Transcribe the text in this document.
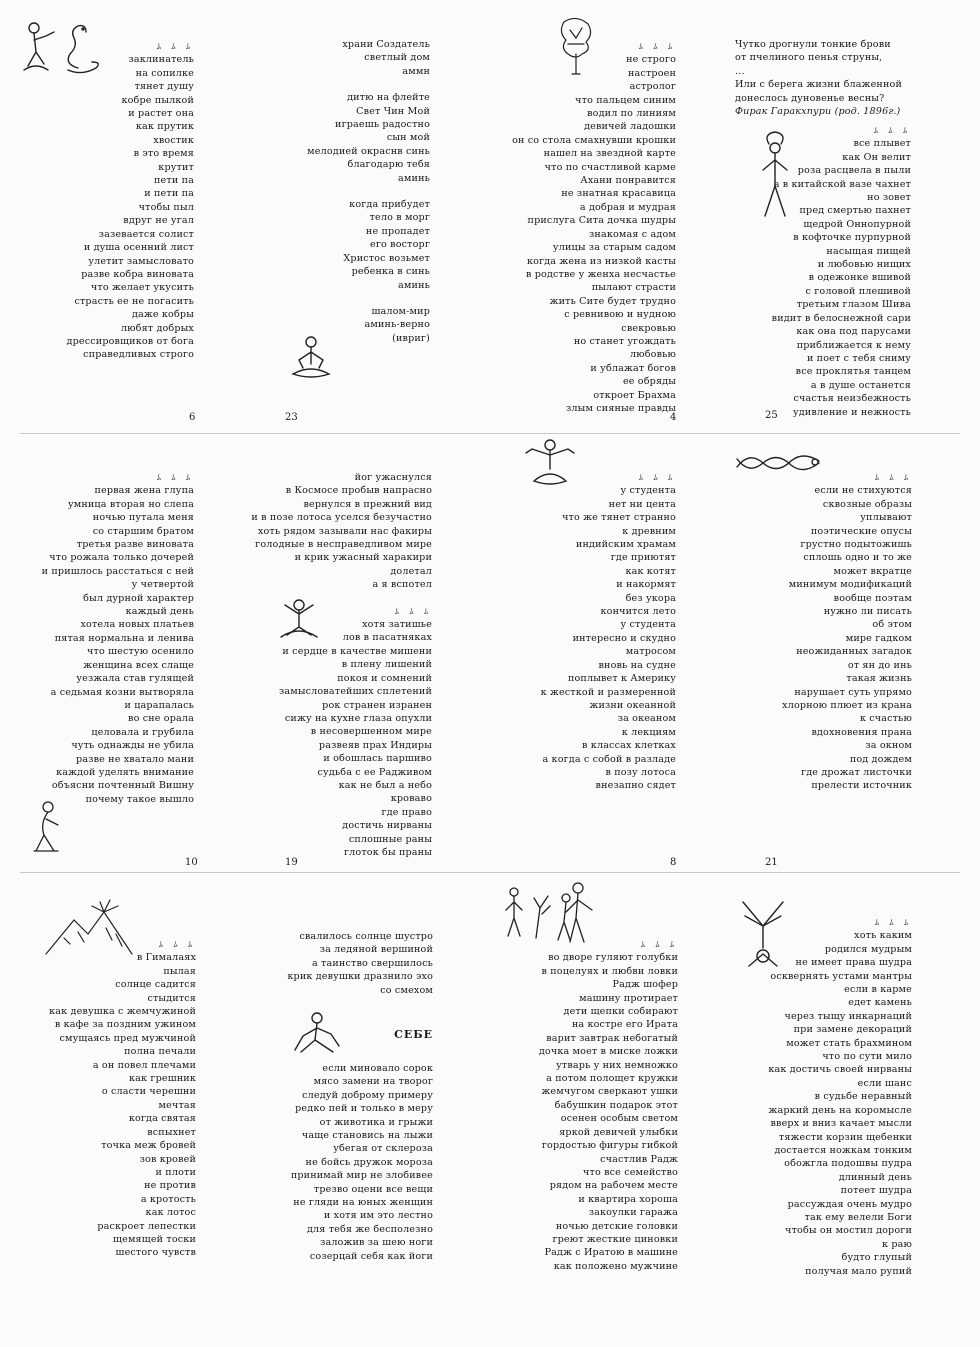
ﾑ ﾑ ﾑ
заклинатель
на сопилке
тянет душу
кобре пылкой
и растет она
как прутик
хвостик
в это время
крутит
пети па
и пети па
чтобы пыл
вдруг не угал
зазевается солист
и душа осенний лист
улетит замысловато
разве кобра виновата
что желает укусить
страсть ее не погасить
даже кобры
любят добрых
дрессировщиков от бога
справедливых строго
6
храни Создатель
светлый дом
аммн
дитю на флейте
Свет Чин Мой
играешь радостно
сын мой
мелодией окраснв синь
благодарю тебя
аминь
когда прибудет
тело в морг
не пропадет
его восторг
Христос возьмет
ребенка в синь
аминь
шалом-мир
аминь-верно
(ивриг)
23
ﾑ ﾑ ﾑ
не строго
настроен
астролог
что пальцем синим
водил по линиям
девичей ладошки
он со стола смахнувши крошки
нашел на звездной карте
что по счастливой карме
Ахани понравится
не знатная красавица
а добрая и мудрая
прислуга Сита дочка шудры
знакомая с адом
улицы за старым садом
когда жена из низкой касты
в родстве у женха несчастье
пылают страсти
жить Сите будет трудно
с ревнивою и нудною
свекровью
но станет угождать
любовью
и ублажат богов
ее обряды
откроет Брахма
злым сияные правды
4
Чутко дрогнули тонкие брови
от пчелиного пенья струны,
…
Или с берега жизни блаженной
донеслось дуновенье весны?
Фирак Гаракхпури (род. 1896г.)
ﾑ ﾑ ﾑ
все плывет
как Он велит
роза расцвела в пыли
а в китайской вазе чахнет
но зовет
пред смертью пахнет
щедрой Оннопурной
в кофточке пурпурной
насыщая пищей
и любовью нищих
в одежонке вшивой
с головой плешивой
третьим глазом Шива
видит в белоснежной сари
как она под парусами
приближается к нему
и поет с тебя сниму
все проклятья танцем
а в душе останется
счастья неизбежность
удивление и нежность
25
ﾑ ﾑ ﾑ
первая жена глупа
умница вторая но слепа
ночью путала меня
со старшим братом
третья разве виновата
что рожала только дочерей
и пришлось расстаться с ней
у четвертой
был дурной характер
каждый день
хотела новых платьев
пятая нормальна и ленива
что шестую осенило
женщина всех слаще
уезжала став гулящей
а седьмая козни вытворяла
и царапалась
во сне орала
целовала и грубила
чуть однажды не убила
разве не хватало мани
каждой уделять внимание
объясни почтенный Вишну
почему такое вышло
10
йог ужаснулся
в Космосе пробыв напрасно
вернулся в прежний вид
и в позе лотоса уселся безучастно
хоть рядом зазывали нас факиры
голодные в несправедливом мире
и крик ужасный харакири
долетал
а я вспотел
ﾑ ﾑ ﾑ
хотя затишье
лов в пасатняках
и сердце в качестве мишени
в плену лишений
покоя и сомнений
замысловатейших сплетений
рок странен изранен
сижу на кухне глаза опухли
в несовершенном мире
развеяв прах Индиры
и обошлась паршиво
судьба с ее Радживом
как не был а небо
кроваво
где право
достичь нирваны
сплошные раны
глоток бы праны
19
ﾑ ﾑ ﾑ
у студента
нет ни цента
что же тянет странно
к древним
индийским храмам
где приютят
как котят
и накормят
без укора
кончится лето
у студента
интересно и скудно
матросом
вновь на судне
поплывет к Америку
к жесткой и размеренной
жизни океанной
за океаном
к лекциям
в классах клетках
а когда с собой в разладе
в позу лотоса
внезапно сядет
8
ﾑ ﾑ ﾑ
если не стихуются
сквозные образы
уплывают
поэтические опусы
грустно подытожишь
сплошь одно и то же
может вкратце
минимум модификаций
вообще поэтам
нужно ли писать
об этом
мире гадком
неожиданных загадок
от ян до инь
такая жизнь
нарушает суть упрямо
хлорною плюет из крана
к счастью
вдохновения прана
за окном
под дождем
где дрожат листочки
прелести источник
21
ﾑ ﾑ ﾑ
в Гималаях
пылая
солнце садится
стыдится
как девушка с жемчужиной
в кафе за поздним ужином
смущаясь пред мужчиной
полна печали
а он повел плечами
как грешник
о сласти черешни
мечтая
когда святая
вспыхнет
точка меж бровей
зов кровей
и плоти
не против
а кротость
как лотос
раскроет лепестки
щемящей тоски
шестого чувств
свалилось солнце шустро
за ледяной вершиной
а таинство свершилось
крик девушки дразнило эхо
со смехом
СЕБЕ
если миновало сорок
мясо замени на творог
следуй доброму примеру
редко пей и только в меру
от животика и грыжи
чаще становись на лыжи
убегая от склероза
не бойсь дружок мороза
принимай мир не злобивее
трезво оцени все вещи
не гляди на юных женщин
и хотя им это лестно
для тебя же бесполезно
заложив за шею ноги
созерцай себя как йоги
ﾑ ﾑ ﾑ
во дворе гуляют голубки
в поцелуях и любви ловки
Радж шофер
машину протирает
дети щепки собирают
на костре его Ирата
варит завтрак небогатый
дочка моет в миске ложки
утварь у них немножко
а потом полощет кружки
жемчугом сверкают ушки
бабушкин подарок этот
осенен особым светом
яркой девичей улыбки
гордостью фигуры гибкой
счастлив Радж
что все семейство
рядом на рабочем месте
и квартира хороша
закоулки гаража
ночью детские головки
греют жесткие циновки
Радж с Иратою в машине
как положено мужчине
ﾑ ﾑ ﾑ
хоть каким
родился мудрым
не имеет права шудра
осквернять устами мантры
если в карме
едет камень
через тыщу инкарнаций
при замене декораций
может стать брахмином
что по сути мило
как достичь своей нирваны
если шанс
в судьбе неравный
жаркий день на коромысле
вверх и вниз качает мысли
тяжести корзин щебенки
достается ножкам тонким
обожгла подошвы пудра
длинный день
потеет шудра
рассуждая очень мудро
так ему велели Боги
чтобы он мостил дороги
к раю
будто глупый
получая мало рупий
